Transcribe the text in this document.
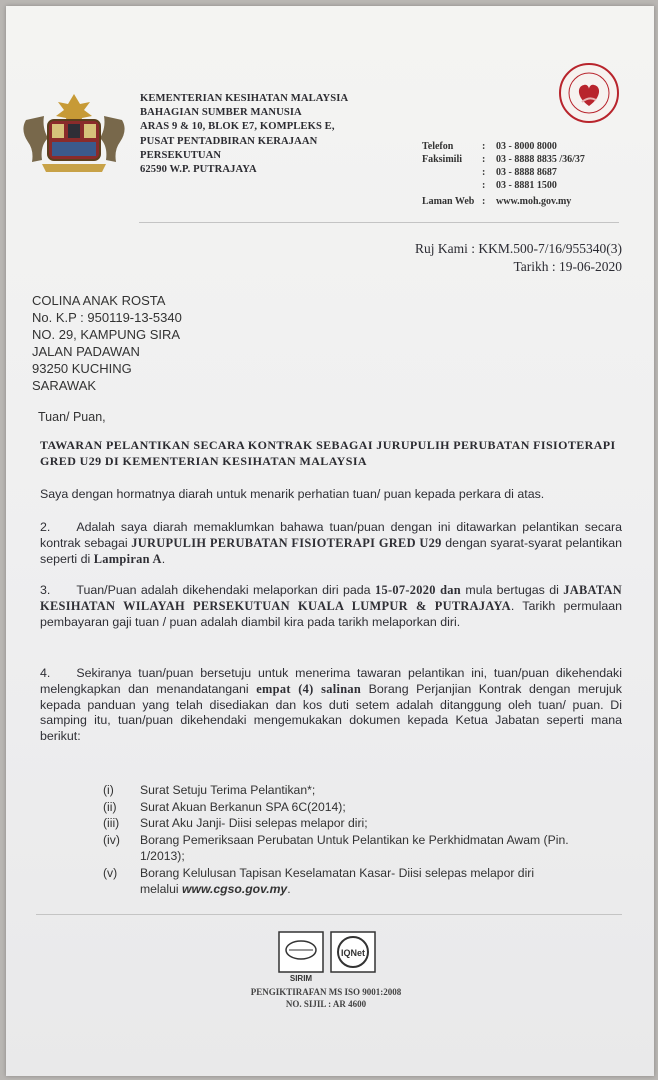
KEMENTERIAN KESIHATAN MALAYSIA
BAHAGIAN SUMBER MANUSIA
ARAS 9 & 10, BLOK E7, KOMPLEKS E,
PUSAT PENTADBIRAN KERAJAAN
PERSEKUTUAN
62590 W.P. PUTRAJAYA
Telefon	:	03 - 8000 8000
Faksimili	:	03 - 8888 8835 /36/37
:	03 - 8888 8687
:	03 - 8881 1500
Laman Web :	www.moh.gov.my
Ruj Kami : KKM.500-7/16/955340(3)
Tarikh : 19-06-2020
COLINA ANAK ROSTA
No. K.P : 950119-13-5340
NO. 29, KAMPUNG SIRA
JALAN PADAWAN
93250 KUCHING
SARAWAK
Tuan/ Puan,
TAWARAN PELANTIKAN SECARA KONTRAK SEBAGAI JURUPULIH PERUBATAN FISIOTERAPI GRED U29 DI KEMENTERIAN KESIHATAN MALAYSIA
Saya dengan hormatnya diarah untuk menarik perhatian tuan/ puan kepada perkara di atas.
2. Adalah saya diarah memaklumkan bahawa tuan/puan dengan ini ditawarkan pelantikan secara kontrak sebagai JURUPULIH PERUBATAN FISIOTERAPI GRED U29 dengan syarat-syarat pelantikan seperti di Lampiran A.
3. Tuan/Puan adalah dikehendaki melaporkan diri pada 15-07-2020 dan mula bertugas di JABATAN KESIHATAN WILAYAH PERSEKUTUAN KUALA LUMPUR & PUTRAJAYA. Tarikh permulaan pembayaran gaji tuan / puan adalah diambil kira pada tarikh melaporkan diri.
4. Sekiranya tuan/puan bersetuju untuk menerima tawaran pelantikan ini, tuan/puan dikehendaki melengkapkan dan menandatangani empat (4) salinan Borang Perjanjian Kontrak dengan merujuk kepada panduan yang telah disediakan dan kos duti setem adalah ditanggung oleh tuan/ puan. Di samping itu, tuan/puan dikehendaki mengemukakan dokumen kepada Ketua Jabatan seperti mana berikut:
(i)	Surat Setuju Terima Pelantikan*;
(ii)	Surat Akuan Berkanun SPA 6C(2014);
(iii)	Surat Aku Janji- Diisi selepas melapor diri;
(iv)	Borang Pemeriksaan Perubatan Untuk Pelantikan ke Perkhidmatan Awam (Pin. 1/2013);
(v)	Borang Kelulusan Tapisan Keselamatan Kasar- Diisi selepas melapor diri melalui www.cgso.gov.my.
SIRIM
IQNet
PENGIKTIRAFAN MS ISO 9001:2008
NO. SIJIL : AR 4600
